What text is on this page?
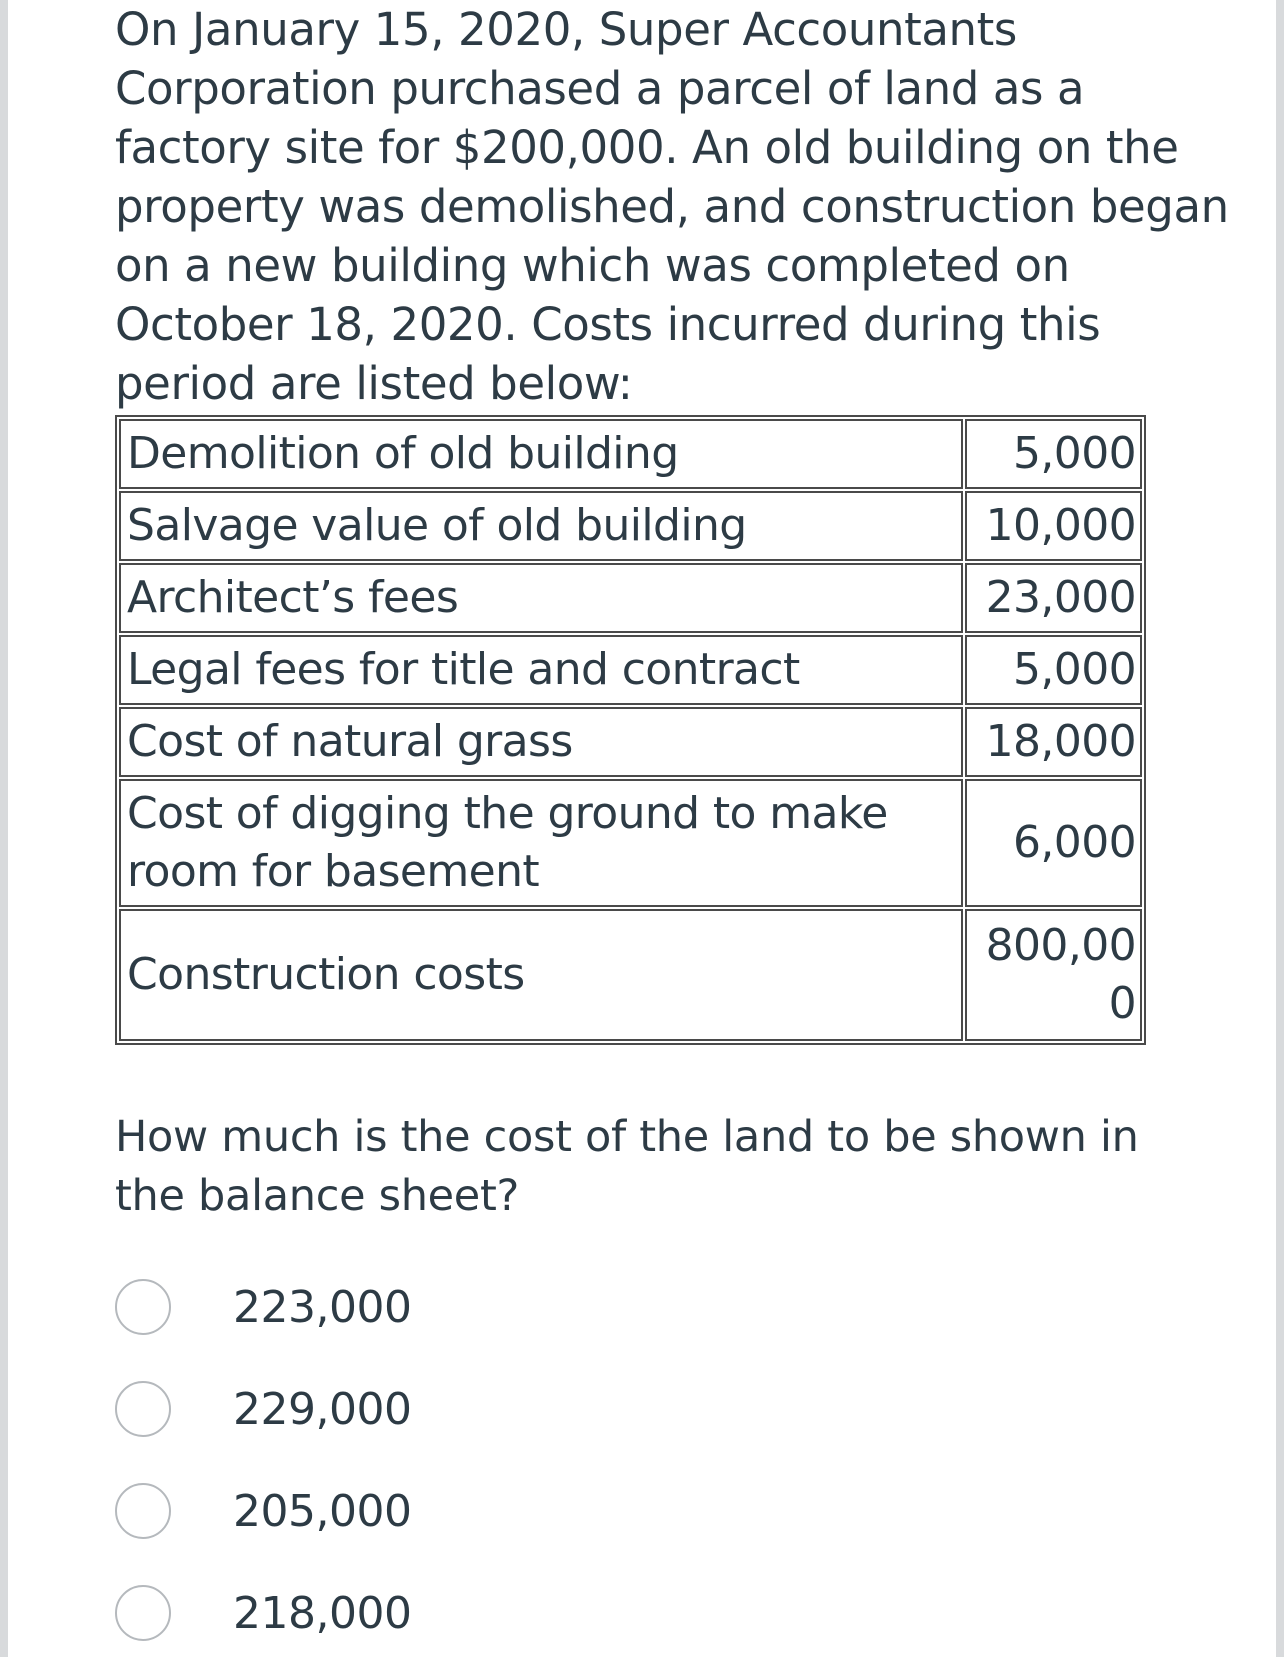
On January 15, 2020, Super Accountants Corporation purchased a parcel of land as a factory site for $200,000. An old building on the property was demolished, and construction began on a new building which was completed on October 18, 2020. Costs incurred during this period are listed below:

Demolition of old building	5,000
Salvage value of old building	10,000
Architect’s fees	23,000
Legal fees for title and contract	5,000
Cost of natural grass	18,000
Cost of digging the ground to make room for basement	6,000
Construction costs	800,000

How much is the cost of the land to be shown in the balance sheet?

223,000
229,000
205,000
218,000
